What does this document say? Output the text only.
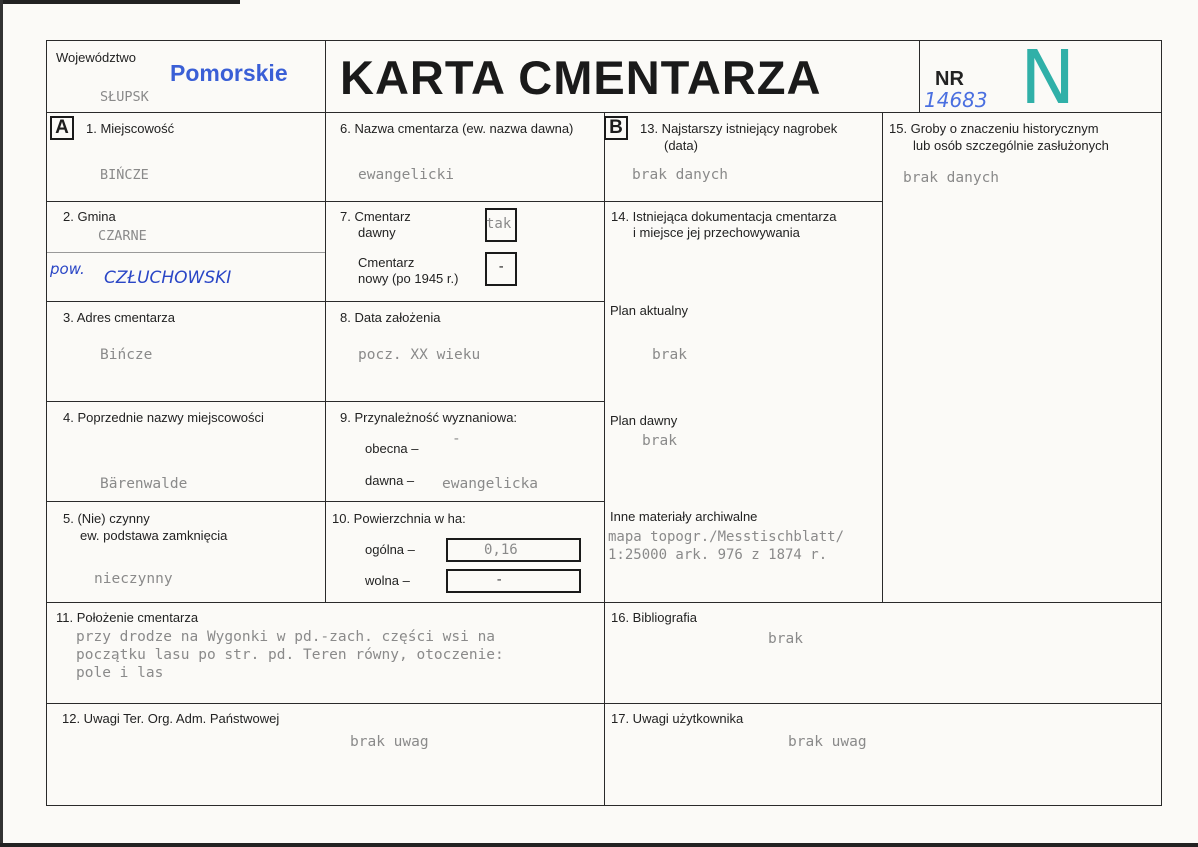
Województwo
Pomorskie
SŁUPSK	KARTA CMENTARZA	NR
14683 N
A	B
1. Miejscowość
BIŃCZE
2. Gmina
CZARNE
pow. CZŁUCHOWSKI
3. Adres cmentarza
Bińcze
4. Poprzednie nazwy miejscowości
Bärenwalde
5. (Nie) czynny
ew. podstawa zamknięcia
nieczynny
6. Nazwa cmentarza (ew. nazwa dawna)
ewangelicki
7. Cmentarz
dawny
tak
Cmentarz
nowy (po 1945 r.)
-
8. Data założenia
pocz. XX wieku
9. Przynależność wyznaniowa:
obecna –
-
dawna – ewangelicka
10. Powierzchnia w ha:
ogólna –	0,16
wolna –	-
13. Najstarszy istniejący nagrobek
(data)
brak danych
14. Istniejąca dokumentacja cmentarza
i miejsce jej przechowywania
Plan aktualny
brak
Plan dawny
brak
Inne materiały archiwalne
mapa topogr./Messtischblatt/
1:25000 ark. 976 z 1874 r.
15. Groby o znaczeniu historycznym
lub osób szczególnie zasłużonych
brak danych
11. Położenie cmentarza
przy drodze na Wygonki w pd.-zach. części wsi na
początku lasu po str. pd. Teren równy, otoczenie:
pole i las
16. Bibliografia
brak
12. Uwagi Ter. Org. Adm. Państwowej
brak uwag
17. Uwagi użytkownika
brak uwag
